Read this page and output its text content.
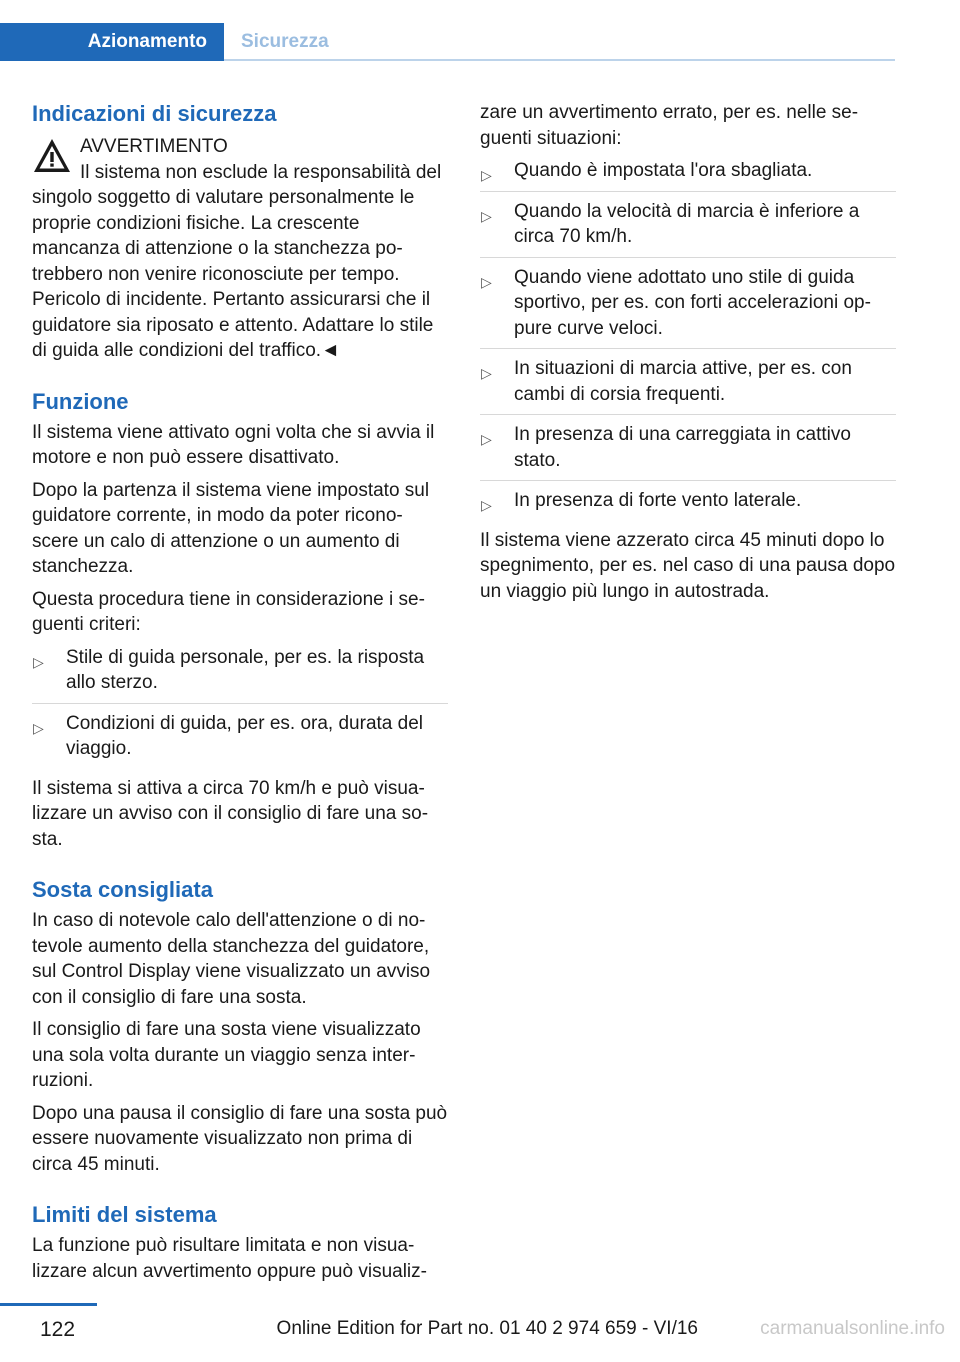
Azionamento Sicurezza
Indicazioni di sicurezza
AVVERTIMENTO

Il sistema non esclude la responsabilità del singolo soggetto di valutare personalmente le proprie condizioni fisiche. La crescente mancanza di attenzione o la stanchezza po-trebbero non venire riconosciute per tempo. Pericolo di incidente. Pertanto assicurarsi che il guidatore sia riposato e attento. Adattare lo stile di guida alle condizioni del traffico.◄

Funzione

Il sistema viene attivato ogni volta che si avvia il motore e non può essere disattivato.

Dopo la partenza il sistema viene impostato sul guidatore corrente, in modo da poter ricono-scere un calo di attenzione o un aumento di stanchezza.

Questa procedura tiene in considerazione i se-guenti criteri:

▷ Stile di guida personale, per es. la risposta allo sterzo.
▷ Condizioni di guida, per es. ora, durata del viaggio.

Il sistema si attiva a circa 70 km/h e può visua-lizzare un avviso con il consiglio di fare una so-sta.

Sosta consigliata

In caso di notevole calo dell'attenzione o di no-tevole aumento della stanchezza del guidatore, sul Control Display viene visualizzato un avviso con il consiglio di fare una sosta.

Il consiglio di fare una sosta viene visualizzato una sola volta durante un viaggio senza inter-ruzioni.

Dopo una pausa il consiglio di fare una sosta può essere nuovamente visualizzato non prima di circa 45 minuti.

Limiti del sistema

La funzione può risultare limitata e non visua-lizzare alcun avvertimento oppure può visualiz-

zare un avvertimento errato, per es. nelle se-guenti situazioni:

▷ Quando è impostata l'ora sbagliata.
▷ Quando la velocità di marcia è inferiore a circa 70 km/h.
▷ Quando viene adottato uno stile di guida sportivo, per es. con forti accelerazioni op-pure curve veloci.
▷ In situazioni di marcia attive, per es. con cambi di corsia frequenti.
▷ In presenza di una carreggiata in cattivo stato.
▷ In presenza di forte vento laterale.

Il sistema viene azzerato circa 45 minuti dopo lo spegnimento, per es. nel caso di una pausa dopo un viaggio più lungo in autostrada.

122	Online Edition for Part no. 01 40 2 974 659 - VI/16	carmanualsonline.info
